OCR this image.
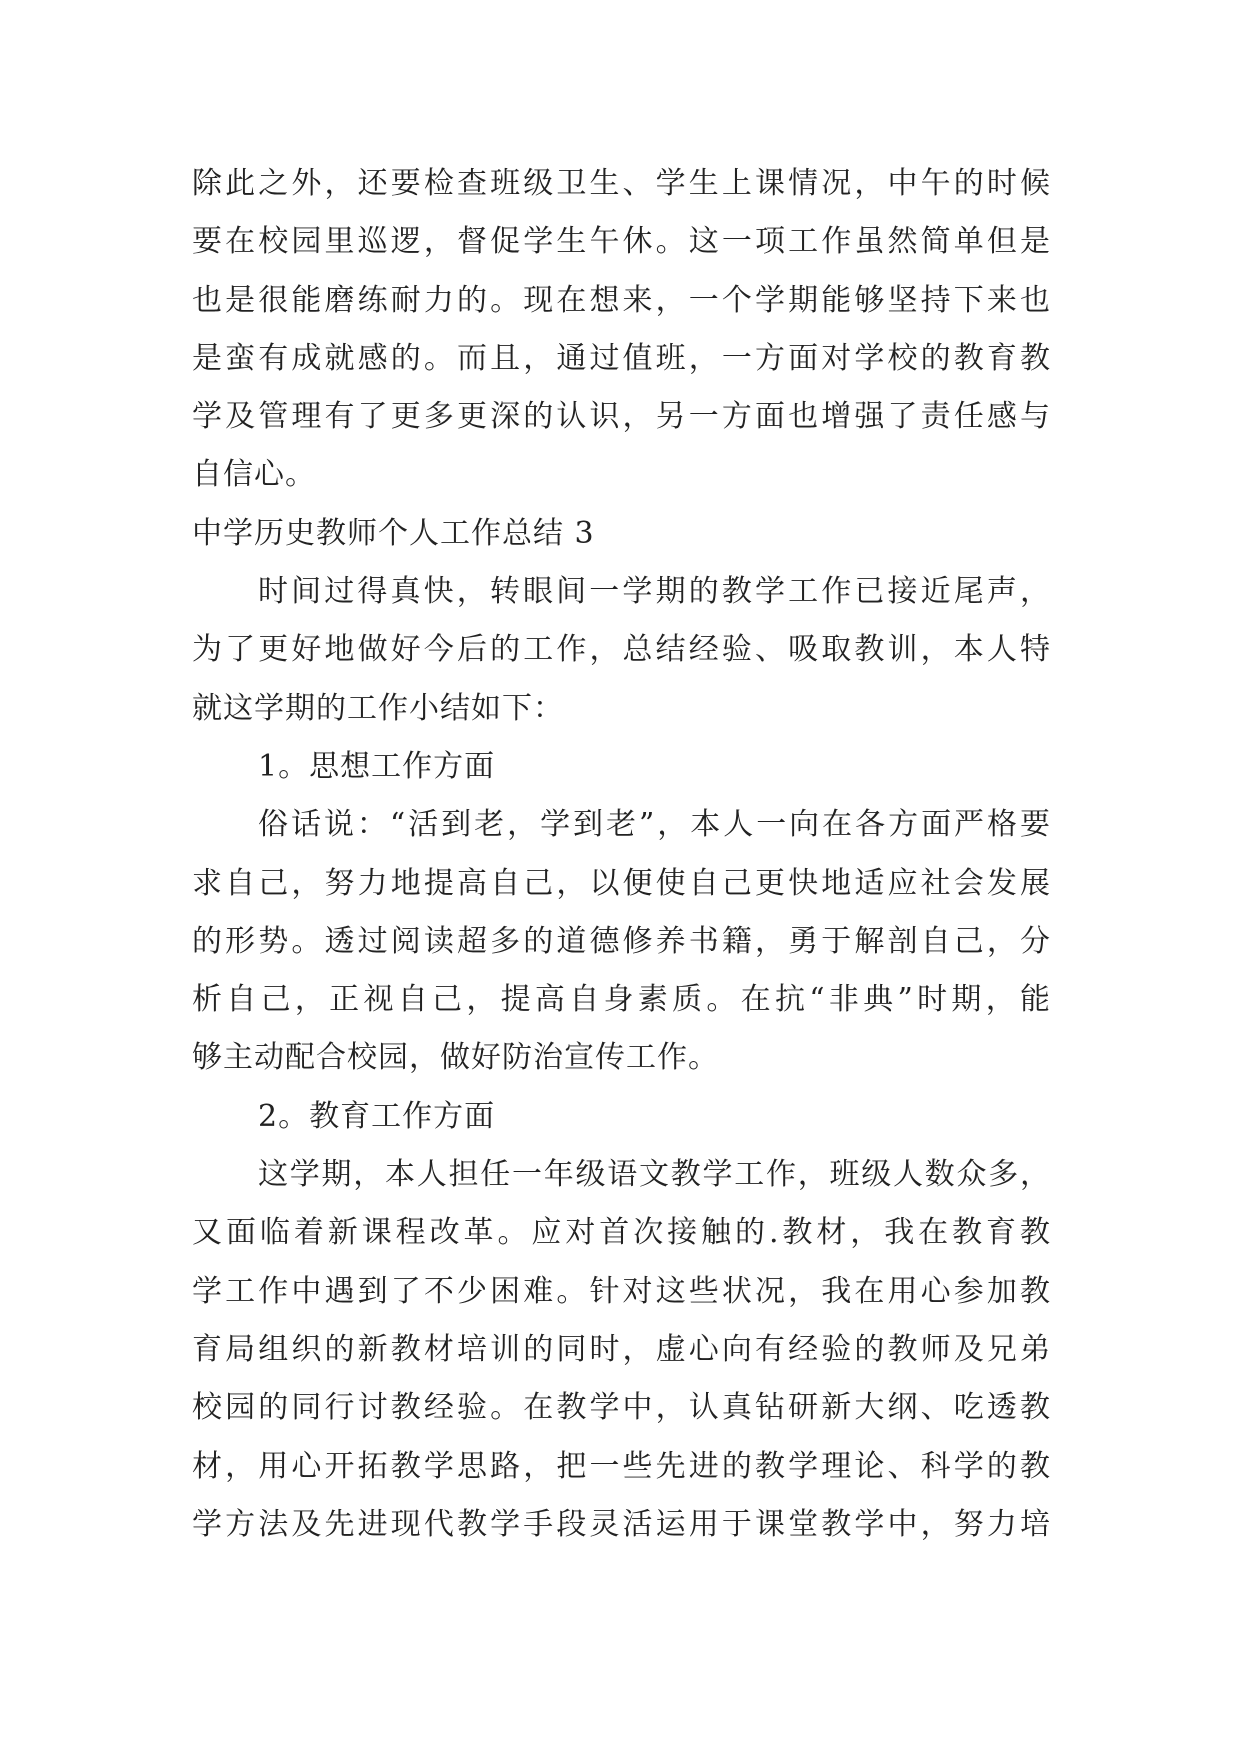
除此之外，还要检查班级卫生、学生上课情况，中午的时候
要在校园里巡逻，督促学生午休。这一项工作虽然简单但是
也是很能磨练耐力的。现在想来，一个学期能够坚持下来也
是蛮有成就感的。而且，通过值班，一方面对学校的教育教
学及管理有了更多更深的认识，另一方面也增强了责任感与
自信心。
中学历史教师个人工作总结 3
时间过得真快，转眼间一学期的教学工作已接近尾声，
为了更好地做好今后的工作，总结经验、吸取教训，本人特
就这学期的工作小结如下：
1。思想工作方面
俗话说：“活到老，学到老”，本人一向在各方面严格要
求自己，努力地提高自己，以便使自己更快地适应社会发展
的形势。透过阅读超多的道德修养书籍，勇于解剖自己，分
析自己，正视自己，提高自身素质。在抗“非典”时期，能
够主动配合校园，做好防治宣传工作。
2。教育工作方面
这学期，本人担任一年级语文教学工作，班级人数众多，
又面临着新课程改革。应对首次接触的.教材，我在教育教
学工作中遇到了不少困难。针对这些状况，我在用心参加教
育局组织的新教材培训的同时，虚心向有经验的教师及兄弟
校园的同行讨教经验。在教学中，认真钻研新大纲、吃透教
材，用心开拓教学思路，把一些先进的教学理论、科学的教
学方法及先进现代教学手段灵活运用于课堂教学中，努力培
